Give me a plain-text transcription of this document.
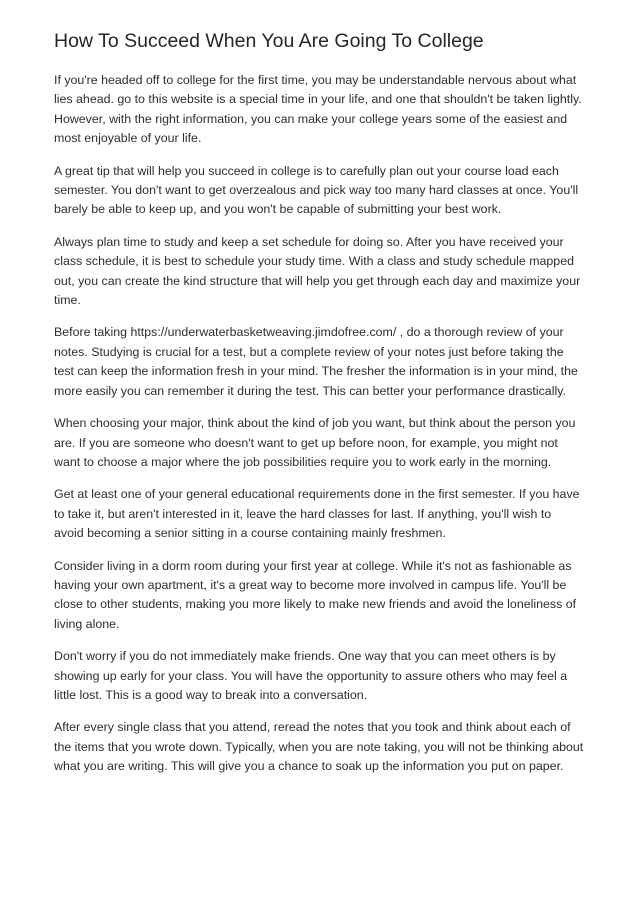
How To Succeed When You Are Going To College

If you're headed off to college for the first time, you may be understandable nervous about what lies ahead. go to this website is a special time in your life, and one that shouldn't be taken lightly. However, with the right information, you can make your college years some of the easiest and most enjoyable of your life.

A great tip that will help you succeed in college is to carefully plan out your course load each semester. You don't want to get overzealous and pick way too many hard classes at once. You'll barely be able to keep up, and you won't be capable of submitting your best work.

Always plan time to study and keep a set schedule for doing so. After you have received your class schedule, it is best to schedule your study time. With a class and study schedule mapped out, you can create the kind structure that will help you get through each day and maximize your time.

Before taking https://underwaterbasketweaving.jimdofree.com/ , do a thorough review of your notes. Studying is crucial for a test, but a complete review of your notes just before taking the test can keep the information fresh in your mind. The fresher the information is in your mind, the more easily you can remember it during the test. This can better your performance drastically.

When choosing your major, think about the kind of job you want, but think about the person you are. If you are someone who doesn't want to get up before noon, for example, you might not want to choose a major where the job possibilities require you to work early in the morning.

Get at least one of your general educational requirements done in the first semester. If you have to take it, but aren't interested in it, leave the hard classes for last. If anything, you'll wish to avoid becoming a senior sitting in a course containing mainly freshmen.

Consider living in a dorm room during your first year at college. While it's not as fashionable as having your own apartment, it's a great way to become more involved in campus life. You'll be close to other students, making you more likely to make new friends and avoid the loneliness of living alone.

Don't worry if you do not immediately make friends. One way that you can meet others is by showing up early for your class. You will have the opportunity to assure others who may feel a little lost. This is a good way to break into a conversation.

After every single class that you attend, reread the notes that you took and think about each of the items that you wrote down. Typically, when you are note taking, you will not be thinking about what you are writing. This will give you a chance to soak up the information you put on paper.
